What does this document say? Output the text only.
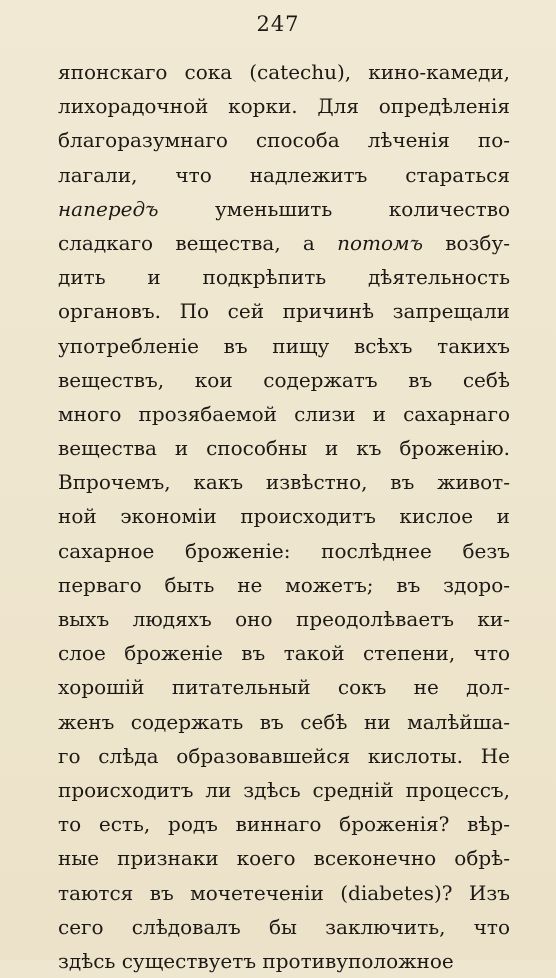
247
японскаго сока (catechu), кино-камеди,
лихорадочной корки. Для опредѣленія
благоразумнаго способа лѣченія по-
лагали, что надлежитъ стараться
напередъ уменьшить количество
сладкаго вещества, а потомъ возбу-
дить и подкрѣпить дѣятельность
органовъ. По сей причинѣ запрещали
употребленіе въ пищу всѣхъ такихъ
веществъ, кои содержатъ въ себѣ
много прозябаемой слизи и сахарнаго
вещества и способны и къ броженію.
Впрочемъ, какъ извѣстно, въ живот-
ной экономіи происходитъ кислое и
сахарное броженіе: послѣднее безъ
перваго быть не можетъ; въ здоро-
выхъ людяхъ оно преодолѣваетъ ки-
слое броженіе въ такой степени, что
хорошій питательный сокъ не дол-
женъ содержать въ себѣ ни малѣйша-
го слѣда образовавшейся кислоты. Не
происходитъ ли здѣсь средній процессъ,
то есть, родъ виннаго броженія? вѣр-
ные признаки коего всеконечно обрѣ-
таются въ мочетеченіи (diabetes)? Изъ
сего слѣдовалъ бы заключить, что
здѣсь существуетъ противуположное
